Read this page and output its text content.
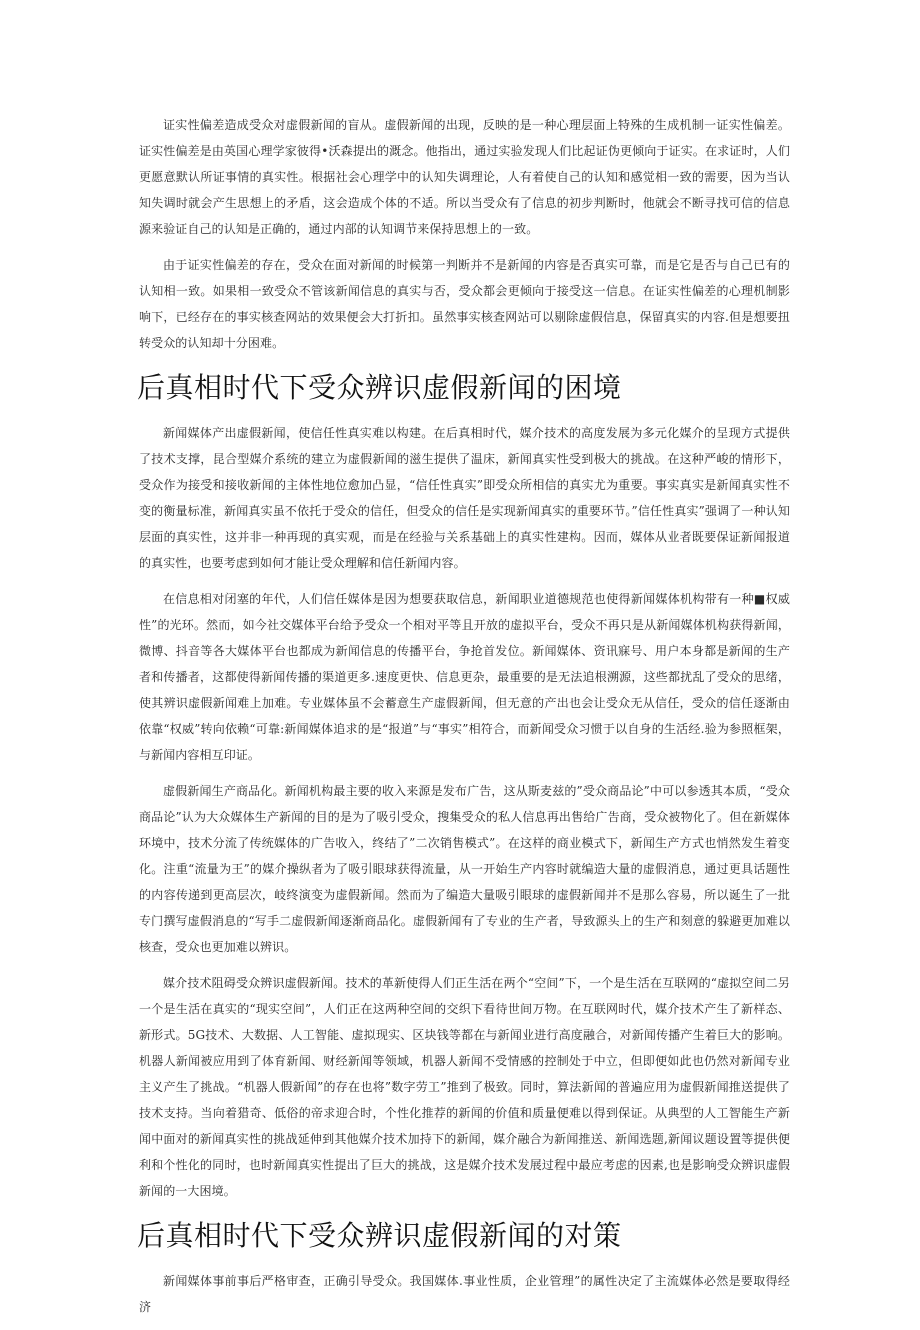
证实性偏差造成受众对虚假新闻的盲从。虚假新闻的出现，反映的是一种心理层面上特殊的生成机制一证实性偏差。证实性偏差是由英国心理学家彼得•沃森提出的溉念。他指出，通过实验发现人们比起证伪更倾向于证实。在求证时，人们更愿意默认所证事情的真实性。根据社会心理学中的认知失调理论，人有着使自己的认知和感觉相一致的需要，因为当认知失调时就会产生思想上的矛盾，这会造成个体的不适。所以当受众有了信息的初步判断时，他就会不断寻找可信的信息源来验证自己的认知是正确的，通过内部的认知调节来保持思想上的一致。

由于证实性偏差的存在，受众在面对新闻的时候第一判断并不是新闻的内容是否真实可靠，而是它是否与自己已有的认知相一致。如果相一致受众不管该新闻信息的真实与否，受众都会更倾向于接受这一信息。在证实性偏差的心理机制影响下，已经存在的事实核查网站的效果便会大打折扣。虽然事实核查网站可以剔除虚假信息，保留真实的内容.但是想要扭转受众的认知却十分困难。

后真相时代下受众辨识虚假新闻的困境

新闻媒体产出虚假新闻，使信任性真实难以构建。在后真相时代，媒介技术的高度发展为多元化媒介的呈现方式提供了技术支撑，昆合型媒介系统的建立为虚假新闻的滋生提供了温床，新闻真实性受到极大的挑战。在这种严峻的情形下，受众作为接受和接收新闻的主体性地位愈加凸显，“信任性真实”即受众所相信的真实尤为重要。事实真实是新闻真实性不变的衡量标准，新闻真实虽不依托于受众的信任，但受众的信任是实现新闻真实的重要环节。”信任性真实”强调了一种认知层面的真实性，这并非一种再现的真实观，而是在经验与关系基础上的真实性建构。因而，媒体从业者既要保证新闻报道的真实性，也要考虑到如何才能让受众理解和信任新闻内容。

在信息相对闭塞的年代，人们信任媒体是因为想要获取信息，新闻职业道德规范也使得新闻媒体机构带有一种■权威性”的光环。然而，如今社交媒体平台给予受众一个相对平等且开放的虚拟平台，受众不再只是从新闻媒体机构获得新闻，微博、抖音等各大媒体平台也都成为新闻信息的传播平台，争抢首发位。新闻媒体、资讯寐号、用户本身都是新闻的生产者和传播者，这都使得新闻传播的渠道更多.速度更快、信息更杂，最重要的是无法追根溯源，这些都扰乱了受众的思绪，使其辨识虚假新闻难上加难。专业媒体虽不会蓄意生产虚假新闻，但无意的产出也会让受众无从信任，受众的信任逐渐由依靠“权威”转向依赖“可靠:新闻媒体追求的是“报道”与“事实”相符合，而新闻受众习惯于以自身的生活经.验为参照框架，与新闻内容相互印证。

虚假新闻生产商品化。新闻机构最主要的收入来源是发布广告，这从斯麦兹的”受众商品论”中可以参透其本质，“受众商品论”认为大众媒体生产新闻的目的是为了吸引受众，搜集受众的私人信息再出售给广告商，受众被物化了。但在新媒体环境中，技术分流了传统媒体的广告收入，终结了”二次销售模式”。在这样的商业模式下，新闻生产方式也悄然发生着变化。注重“流量为王”的媒介操纵者为了吸引眼球获得流量，从一开始生产内容时就编造大量的虚假消息，通过更具话题性的内容传递到更高层次，岐终演变为虚假新闻。然而为了编造大量吸引眼球的虚假新闻并不是那么容易，所以诞生了一批专门撰写虚假消息的“写手二虚假新闻逐渐商品化。虚假新闻有了专业的生产者，导致源头上的生产和刻意的躲避更加难以核查，受众也更加难以辨识。

媒介技术阻碍受众辨识虚假新闻。技术的革新使得人们正生活在两个“空间”下，一个是生活在互联网的“虚拟空间二另一个是生活在真实的“现实空间”，人们正在这两种空间的交织下看待世间万物。在互联网时代，媒介技术产生了新样态、新形式。5G技术、大数据、人工智能、虚拟现实、区块钱等都在与新闻业进行高度融合，对新闻传播产生着巨大的影响。机器人新闻被应用到了体育新闻、财经新闻等领域，机器人新闻不受情感的控制处于中立，但即便如此也仍然对新闻专业主义产生了挑战。“机器人假新闻”的存在也将”数字劳工”推到了极致。同时，算法新闻的普遍应用为虚假新闻推送提供了技术支持。当向着猎奇、低俗的帝求迎合时，个性化推荐的新闻的价值和质量便难以得到保证。从典型的人工智能生产新闻中面对的新闻真实性的挑战延伸到其他媒介技术加持下的新闻，媒介融合为新闻推送、新闻选题,新闻议题设置等提供便利和个性化的同时，也时新闻真实性提出了巨大的挑战，这是媒介技术发展过程中最应考虑的因素,也是影响受众辨识虚假新闻的一大困境。

后真相时代下受众辨识虚假新闻的对策

新闻媒体事前事后严格审查，正确引导受众。我国媒体.事业性质，企业管理”的属性决定了主流媒体必然是要取得经济
